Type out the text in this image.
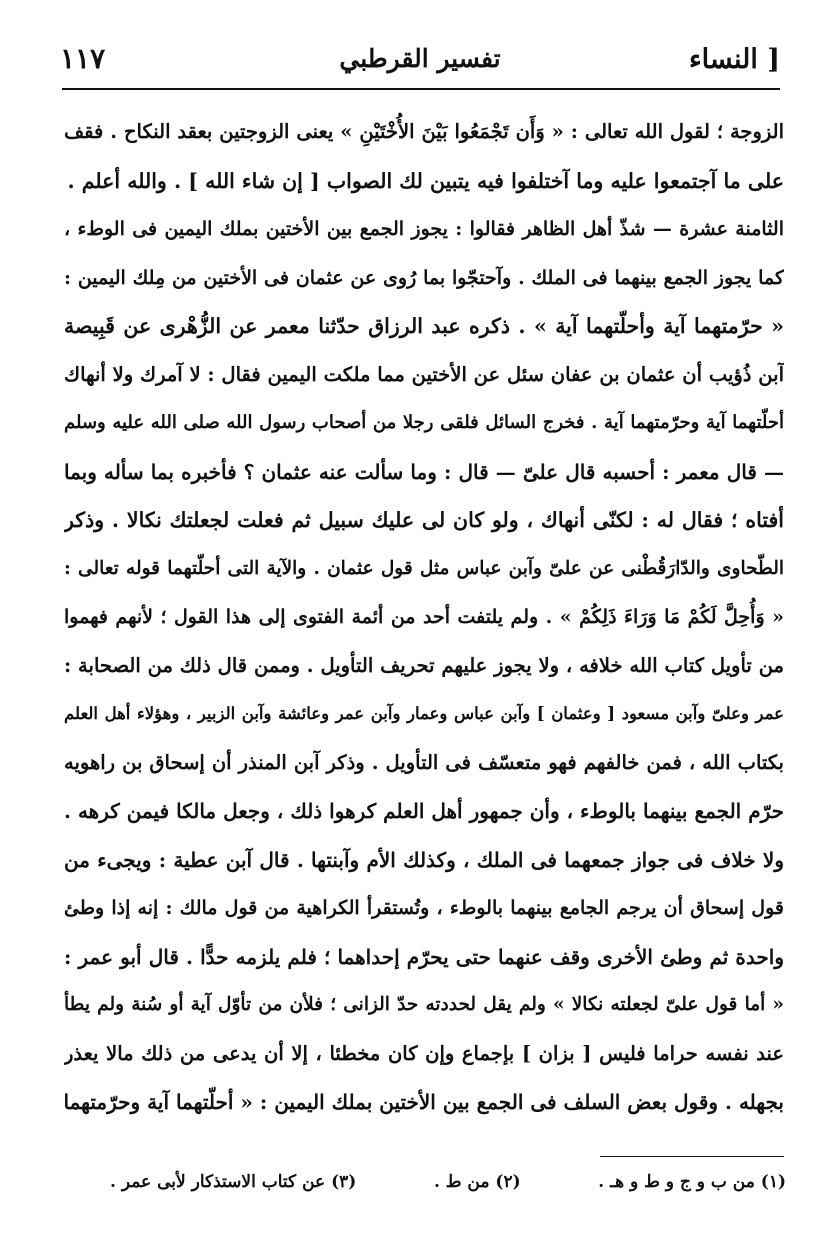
[ النساء
تفسير القرطبي
١١٧
الزوجة ؛ لقول الله تعالى : « وَأَن تَجْمَعُوا بَيْنَ الأُخْتَيْنِ » يعنى الزوجتين بعقد النكاح . فقف
على ما آجتمعوا عليه وما آختلفوا فيه يتبين لك الصواب [ إن شاء الله ] . والله أعلم .
الثامنة عشرة — شذّ أهل الظاهر فقالوا : يجوز الجمع بين الأختين بملك اليمين فى الوطء ،
كما يجوز الجمع بينهما فى الملك . وآحتجّوا بما رُوى عن عثمان فى الأختين من مِلك اليمين :
« حرّمتهما آية وأحلّتهما آية » . ذكره عبد الرزاق حدّثنا معمر عن الزُّهْرى عن قَبِيصة
آبن ذُؤيب أن عثمان بن عفان سئل عن الأختين مما ملكت اليمين فقال : لا آمرك ولا أنهاك
أحلّتهما آية وحرّمتهما آية . فخرج السائل فلقى رجلا من أصحاب رسول الله صلى الله عليه وسلم
— قال معمر : أحسبه قال علىّ — قال : وما سألت عنه عثمان ؟ فأخبره بما سأله وبما
أفتاه ؛ فقال له : لكنّى أنهاك ، ولو كان لى عليك سبيل ثم فعلت لجعلتك نكالا . وذكر
الطّحاوى والدّارَقُطْنى عن علىّ وآبن عباس مثل قول عثمان . والآية التى أحلّتهما قوله تعالى :
« وَأُحِلَّ لَكُمْ مَا وَرَاءَ ذَلِكُمْ » . ولم يلتفت أحد من أئمة الفتوى إلى هذا القول ؛ لأنهم فهموا
من تأويل كتاب الله خلافه ، ولا يجوز عليهم تحريف التأويل . وممن قال ذلك من الصحابة :
عمر وعلىّ وآبن مسعود [ وعثمان ] وآبن عباس وعمار وآبن عمر وعائشة وآبن الزبير ، وهؤلاء أهل العلم
بكتاب الله ، فمن خالفهم فهو متعسّف فى التأويل . وذكر آبن المنذر أن إسحاق بن راهويه
حرّم الجمع بينهما بالوطء ، وأن جمهور أهل العلم كرهوا ذلك ، وجعل مالكا فيمن كرهه .
ولا خلاف فى جواز جمعهما فى الملك ، وكذلك الأم وآبنتها . قال آبن عطية : ويجىء من
قول إسحاق أن يرجم الجامع بينهما بالوطء ، وتُستقرأ الكراهية من قول مالك : إنه إذا وطئ
واحدة ثم وطئ الأخرى وقف عنهما حتى يحرّم إحداهما ؛ فلم يلزمه حدًّا . قال أبو عمر :
« أما قول علىّ لجعلته نكالا » ولم يقل لحددته حدّ الزانى ؛ فلأن من تأوّل آية أو سُنة ولم يطأ
عند نفسه حراما فليس [ بزان ] بإجماع وإن كان مخطئا ، إلا أن يدعى من ذلك مالا يعذر
بجهله . وقول بعض السلف فى الجمع بين الأختين بملك اليمين : « أحلّتهما آية وحرّمتهما
(١) من ب و ج و ط و هـ .
(٢) من ط .
(٣) عن كتاب الاستذكار لأبى عمر .
